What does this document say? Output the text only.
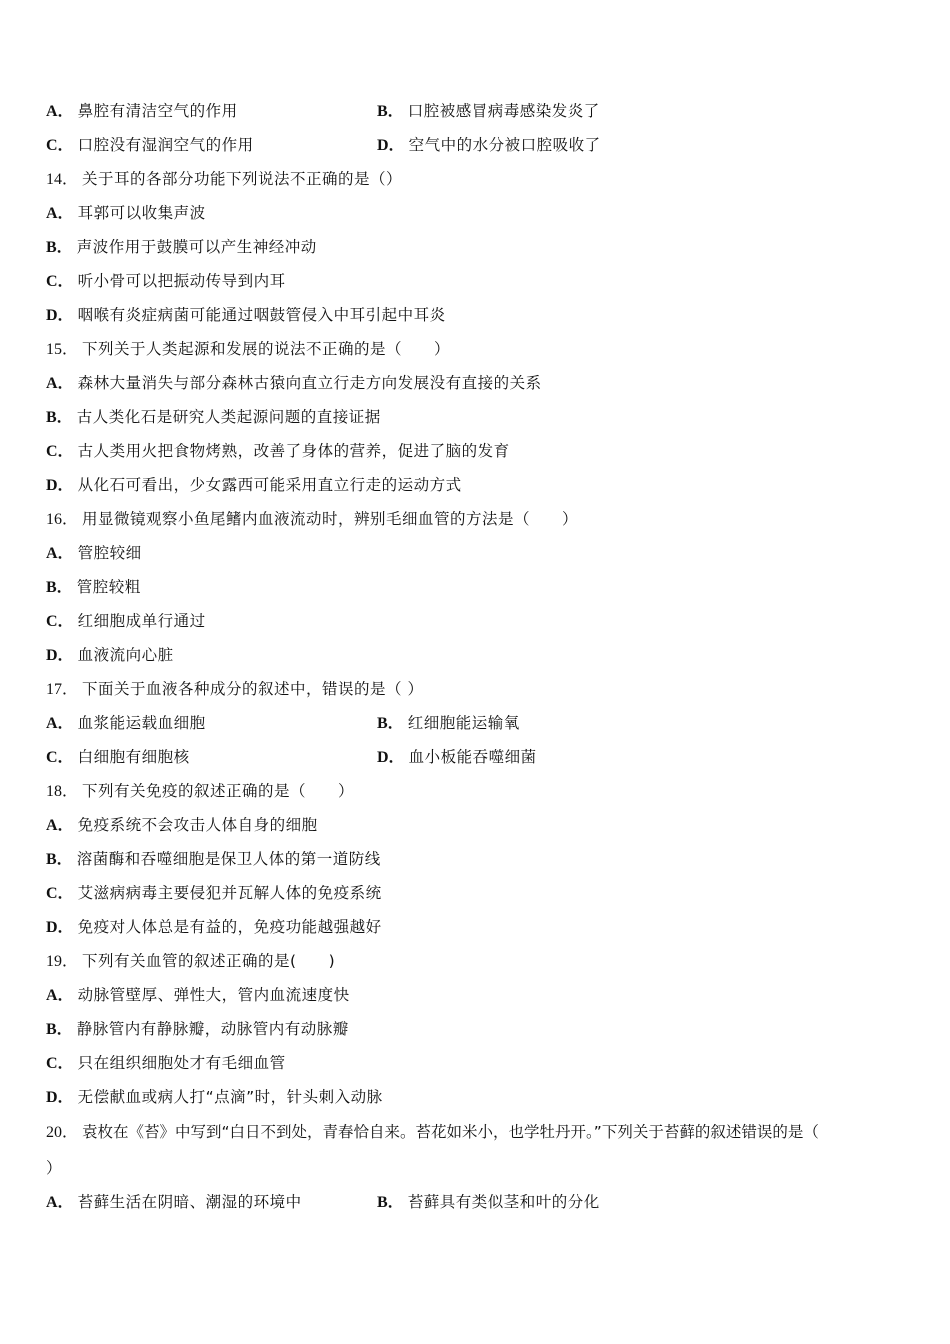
A． 鼻腔有清洁空气的作用	B． 口腔被感冒病毒感染发炎了
C． 口腔没有湿润空气的作用	D． 空气中的水分被口腔吸收了
14． 关于耳的各部分功能下列说法不正确的是（）
A． 耳郭可以收集声波
B． 声波作用于鼓膜可以产生神经冲动
C． 听小骨可以把振动传导到内耳
D． 咽喉有炎症病菌可能通过咽鼓管侵入中耳引起中耳炎
15． 下列关于人类起源和发展的说法不正确的是（　　）
A． 森林大量消失与部分森林古猿向直立行走方向发展没有直接的关系
B． 古人类化石是研究人类起源问题的直接证据
C． 古人类用火把食物烤熟，改善了身体的营养，促进了脑的发育
D． 从化石可看出，少女露西可能采用直立行走的运动方式
16． 用显微镜观察小鱼尾鳍内血液流动时，辨别毛细血管的方法是（　　）
A． 管腔较细
B． 管腔较粗
C． 红细胞成单行通过
D． 血液流向心脏
17． 下面关于血液各种成分的叙述中，错误的是（ ）
A． 血浆能运载血细胞	B． 红细胞能运输氧
C． 白细胞有细胞核	D． 血小板能吞噬细菌
18． 下列有关免疫的叙述正确的是（　　）
A． 免疫系统不会攻击人体自身的细胞
B． 溶菌酶和吞噬细胞是保卫人体的第一道防线
C． 艾滋病病毒主要侵犯并瓦解人体的免疫系统
D． 免疫对人体总是有益的，免疫功能越强越好
19． 下列有关血管的叙述正确的是(　　)
A． 动脉管壁厚、弹性大，管内血流速度快
B． 静脉管内有静脉瓣，动脉管内有动脉瓣
C． 只在组织细胞处才有毛细血管
D． 无偿献血或病人打“点滴”时，针头刺入动脉
20． 袁枚在《苔》中写到“白日不到处，青春恰自来。苔花如米小，也学牡丹开。”下列关于苔藓的叙述错误的是（
）
A． 苔藓生活在阴暗、潮湿的环境中	B． 苔藓具有类似茎和叶的分化
